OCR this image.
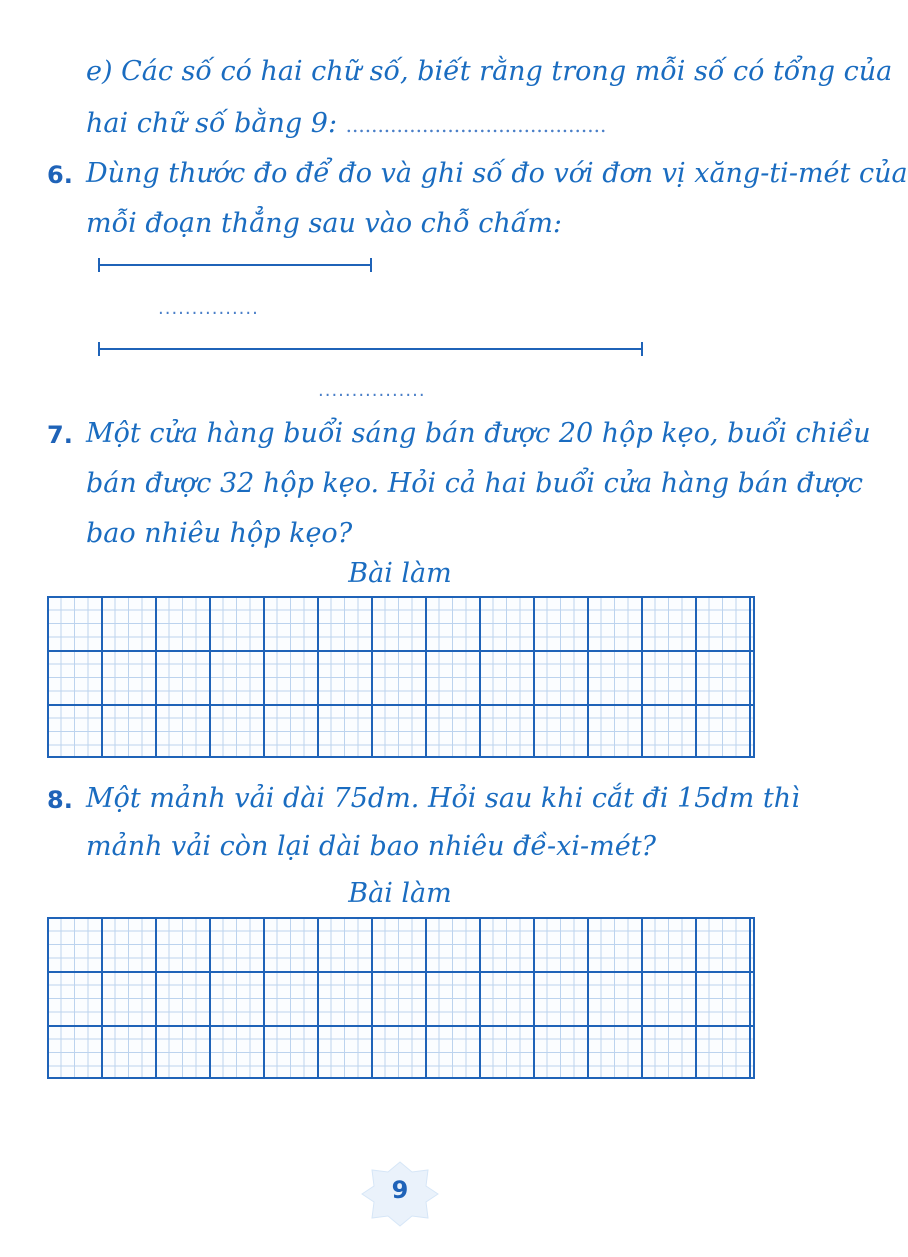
e) Các số có hai chữ số, biết rằng trong mỗi số có tổng của
hai chữ số bằng 9: .........................................
6. Dùng thước đo để đo và ghi số đo với đơn vị xăng-ti-mét của
mỗi đoạn thẳng sau vào chỗ chấm:
...............
................
7. Một cửa hàng buổi sáng bán được 20 hộp kẹo, buổi chiều
bán được 32 hộp kẹo. Hỏi cả hai buổi cửa hàng bán được
bao nhiêu hộp kẹo?
Bài làm
8. Một mảnh vải dài 75dm. Hỏi sau khi cắt đi 15dm thì
mảnh vải còn lại dài bao nhiêu đề-xi-mét?
Bài làm
9
